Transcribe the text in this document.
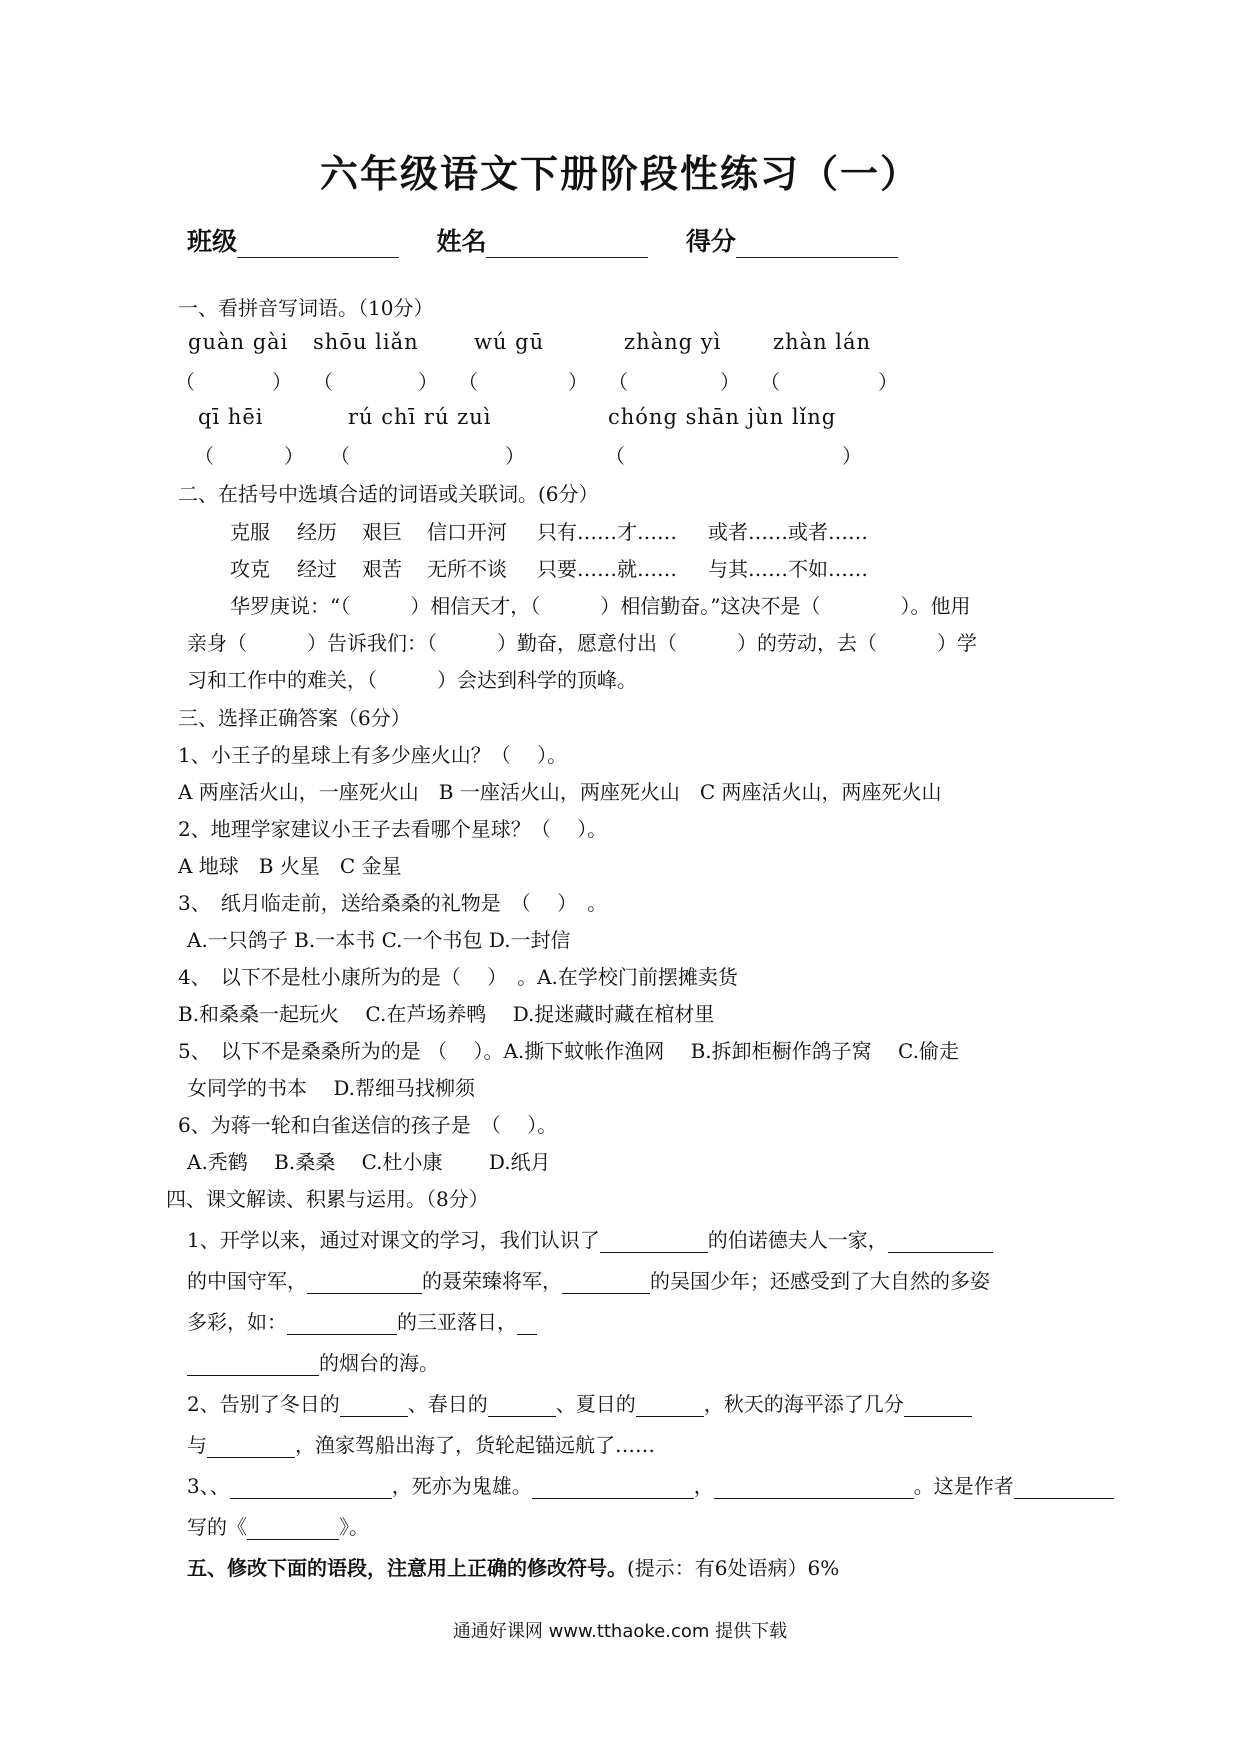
六年级语文下册阶段性练习（一）
班级	姓名	得分
一、看拼音写词语。（10分）
guàn gài shōu liǎn	wú gū	zhàng yì zhàn lán
（	） （	） （	） （	） （	）
qī hēi	rú chī rú zuì	chóng shān jùn lǐng
（	） （	）	（	）
二、在括号中选填合适的词语或关联词。(6分）
克服 经历 艰巨 信口开河 只有……才…… 或者……或者……
攻克 经过 艰苦 无所不谈 只要……就…… 与其……不如……
华罗庚说：“（　　　）相信天才，（　　　）相信勤奋。”这决不是（　　　　）。他用
亲身（　　　）告诉我们：（　　　）勤奋，愿意付出（　　　）的劳动，去（　　　）学
习和工作中的难关，（　　　）会达到科学的顶峰。
三、选择正确答案（6分）
1、小王子的星球上有多少座火山？（　 ）。
A 两座活火山，一座死火山　B 一座活火山，两座死火山　C 两座活火山，两座死火山
2、地理学家建议小王子去看哪个星球？（　 ）。
A 地球　B 火星　C 金星
3、　纸月临走前，送给桑桑的礼物是　（　 ）　。
A.一只鸽子 B.一本书 C.一个书包 D.一封信
4、　以下不是杜小康所为的是（　 ）　。A.在学校门前摆摊卖货
B.和桑桑一起玩火　 C.在芦场养鸭　 D.捉迷藏时藏在棺材里
5、　以下不是桑桑所为的是 （　 ）。A.撕下蚊帐作渔网　 B.拆卸柜橱作鸽子窝　 C.偷走
女同学的书本　 D.帮细马找柳须
6、为蒋一轮和白雀送信的孩子是　（　 ）。
A.秃鹤　 B.桑桑　 C.杜小康　　 D.纸月
四、课文解读、积累与运用。（8分）
1、开学以来，通过对课文的学习，我们认识了	的伯诺德夫人一家，
的中国守军，	的聂荣臻将军，	的吴国少年；还感受到了大自然的多姿
多彩，如：	的三亚落日，
的烟台的海。
2、告别了冬日的	、春日的	、夏日的	，秋天的海平添了几分
与	，渔家驾船出海了，货轮起锚远航了……
3、、	，死亦为鬼雄。	，	。这是作者
写的《	》。
五、修改下面的语段，注意用上正确的修改符号。(提示：有6处语病）6%
通通好课网 www.tthaoke.com 提供下载
